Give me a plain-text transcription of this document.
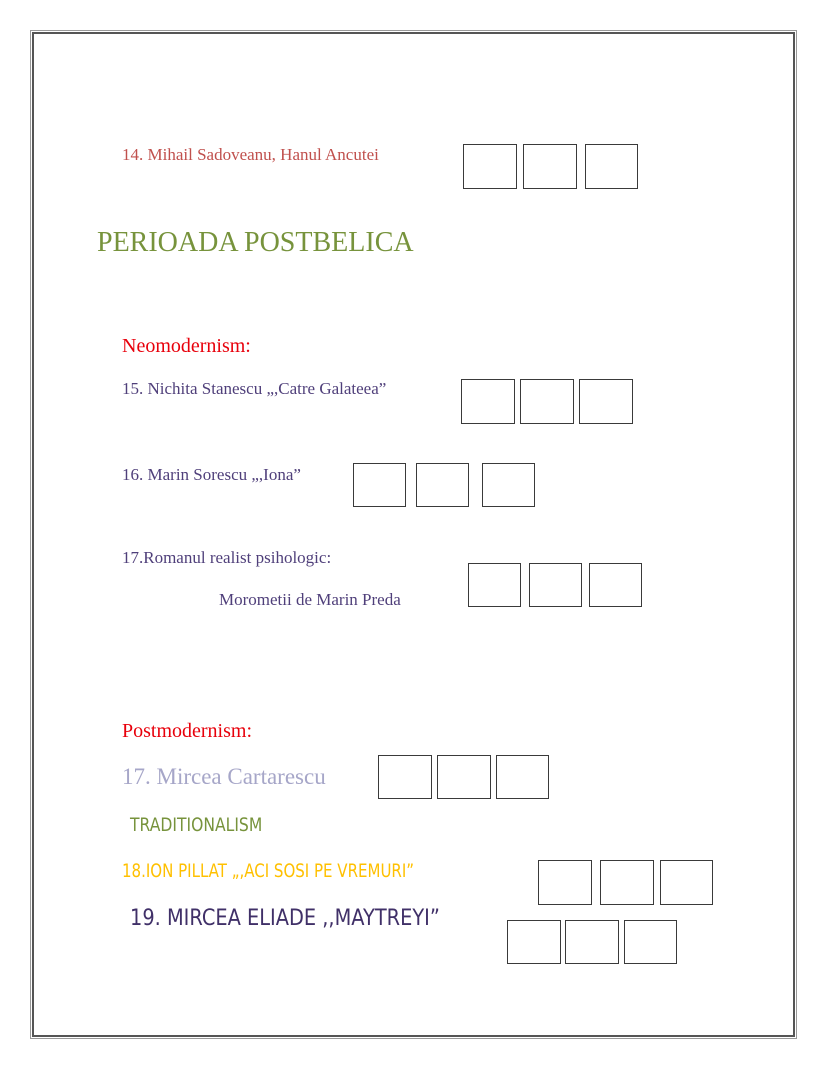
14. Mihail Sadoveanu, Hanul Ancutei
PERIOADA POSTBELICA
Neomodernism:
15. Nichita Stanescu „,Catre Galateea”
16. Marin Sorescu „,Iona”
17.Romanul realist psihologic:
Morometii de Marin Preda
Postmodernism:
17. Mircea Cartarescu
TRADITIONALISM
18.ION PILLAT „,ACI SOSI PE VREMURI”
19. MIRCEA ELIADE ,,MAYTREYI”
